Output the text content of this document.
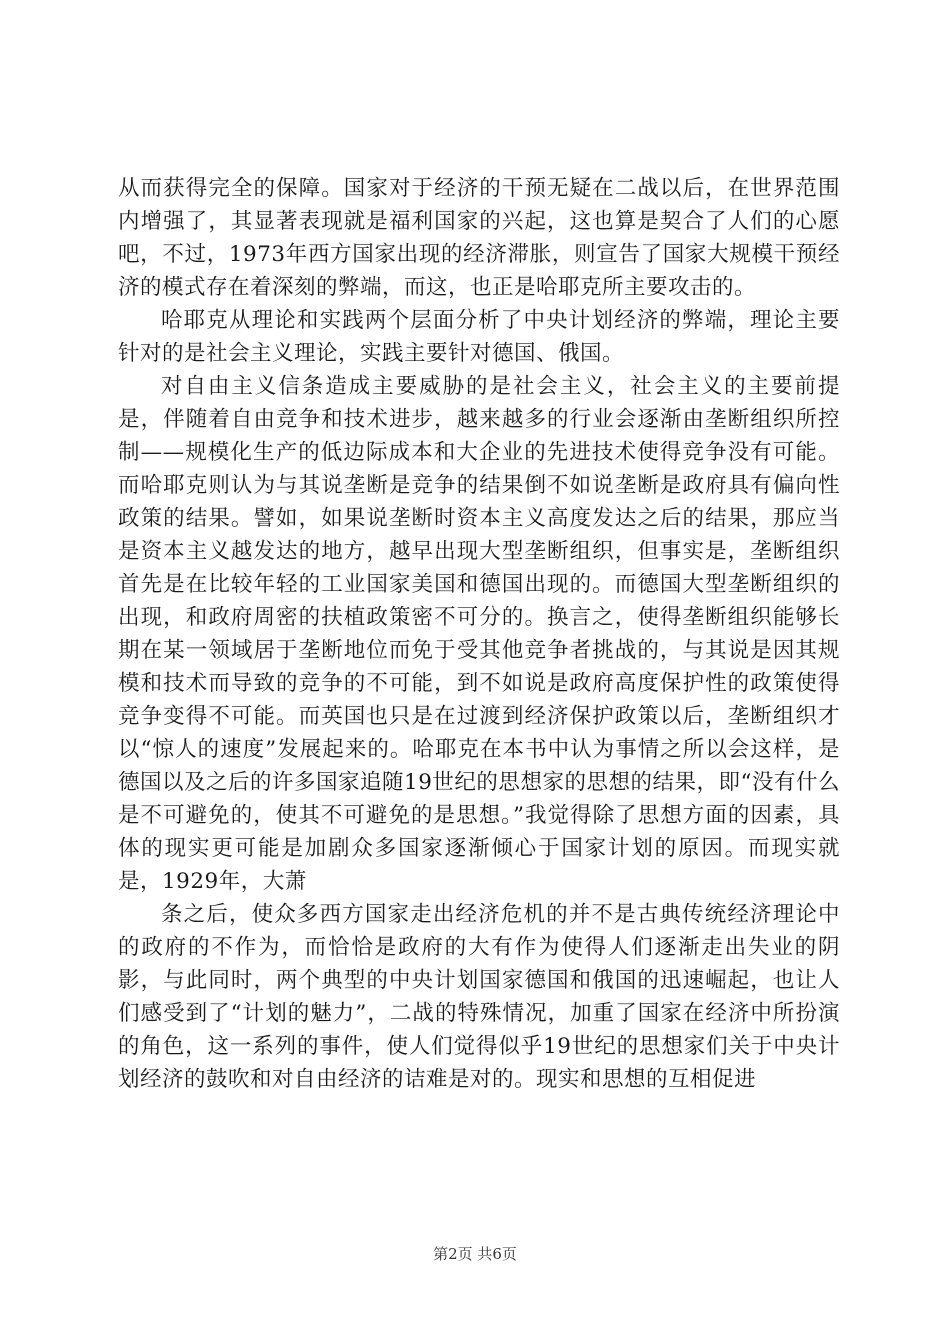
从而获得完全的保障。国家对于经济的干预无疑在二战以后，在世界范围内增强了，其显著表现就是福利国家的兴起，这也算是契合了人们的心愿吧，不过，1973年西方国家出现的经济滞胀，则宣告了国家大规模干预经济的模式存在着深刻的弊端，而这，也正是哈耶克所主要攻击的。

哈耶克从理论和实践两个层面分析了中央计划经济的弊端，理论主要针对的是社会主义理论，实践主要针对德国、俄国。

对自由主义信条造成主要威胁的是社会主义，社会主义的主要前提是，伴随着自由竞争和技术进步，越来越多的行业会逐渐由垄断组织所控制——规模化生产的低边际成本和大企业的先进技术使得竞争没有可能。而哈耶克则认为与其说垄断是竞争的结果倒不如说垄断是政府具有偏向性政策的结果。譬如，如果说垄断时资本主义高度发达之后的结果，那应当是资本主义越发达的地方，越早出现大型垄断组织，但事实是，垄断组织首先是在比较年轻的工业国家美国和德国出现的。而德国大型垄断组织的出现，和政府周密的扶植政策密不可分的。换言之，使得垄断组织能够长期在某一领域居于垄断地位而免于受其他竞争者挑战的，与其说是因其规模和技术而导致的竞争的不可能，到不如说是政府高度保护性的政策使得竞争变得不可能。而英国也只是在过渡到经济保护政策以后，垄断组织才以“惊人的速度”发展起来的。哈耶克在本书中认为事情之所以会这样，是德国以及之后的许多国家追随19世纪的思想家的思想的结果，即“没有什么是不可避免的，使其不可避免的是思想。”我觉得除了思想方面的因素，具体的现实更可能是加剧众多国家逐渐倾心于国家计划的原因。而现实就是，1929年，大萧

条之后，使众多西方国家走出经济危机的并不是古典传统经济理论中的政府的不作为，而恰恰是政府的大有作为使得人们逐渐走出失业的阴影，与此同时，两个典型的中央计划国家德国和俄国的迅速崛起，也让人们感受到了“计划的魅力”，二战的特殊情况，加重了国家在经济中所扮演的角色，这一系列的事件，使人们觉得似乎19世纪的思想家们关于中央计划经济的鼓吹和对自由经济的诘难是对的。现实和思想的互相促进

第2页 共6页
